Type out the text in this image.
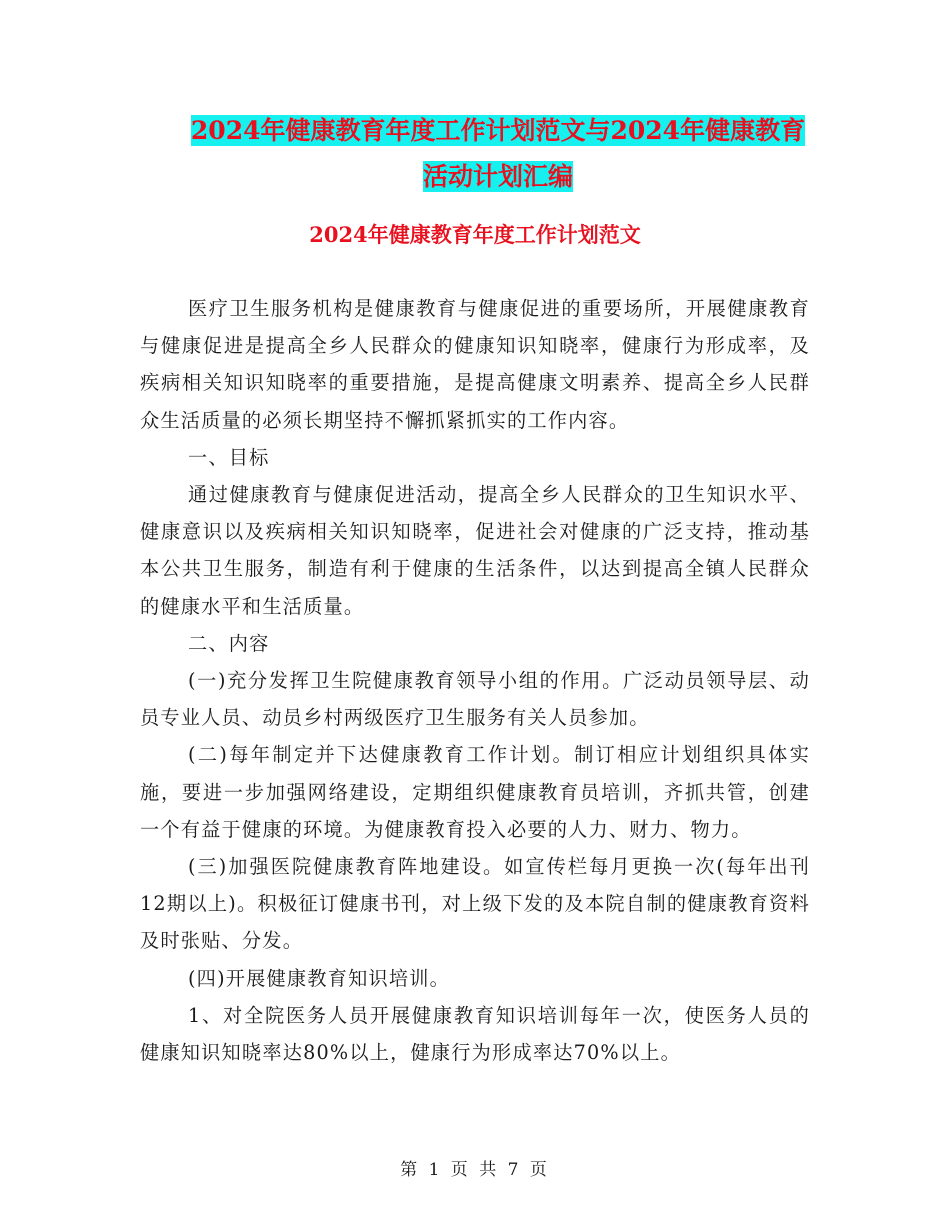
2024年健康教育年度工作计划范文与2024年健康教育
活动计划汇编
2024年健康教育年度工作计划范文

医疗卫生服务机构是健康教育与健康促进的重要场所，开展健康教育与健康促进是提高全乡人民群众的健康知识知晓率，健康行为形成率，及疾病相关知识知晓率的重要措施，是提高健康文明素养、提高全乡人民群众生活质量的必须长期坚持不懈抓紧抓实的工作内容。

一、目标

通过健康教育与健康促进活动，提高全乡人民群众的卫生知识水平、健康意识以及疾病相关知识知晓率，促进社会对健康的广泛支持，推动基本公共卫生服务，制造有利于健康的生活条件，以达到提高全镇人民群众的健康水平和生活质量。

二、内容

(一)充分发挥卫生院健康教育领导小组的作用。广泛动员领导层、动员专业人员、动员乡村两级医疗卫生服务有关人员参加。

(二)每年制定并下达健康教育工作计划。制订相应计划组织具体实施，要进一步加强网络建设，定期组织健康教育员培训，齐抓共管，创建一个有益于健康的环境。为健康教育投入必要的人力、财力、物力。

(三)加强医院健康教育阵地建设。如宣传栏每月更换一次(每年出刊12期以上)。积极征订健康书刊，对上级下发的及本院自制的健康教育资料及时张贴、分发。

(四)开展健康教育知识培训。

1、对全院医务人员开展健康教育知识培训每年一次，使医务人员的健康知识知晓率达80%以上，健康行为形成率达70%以上。

第 1 页 共 7 页
